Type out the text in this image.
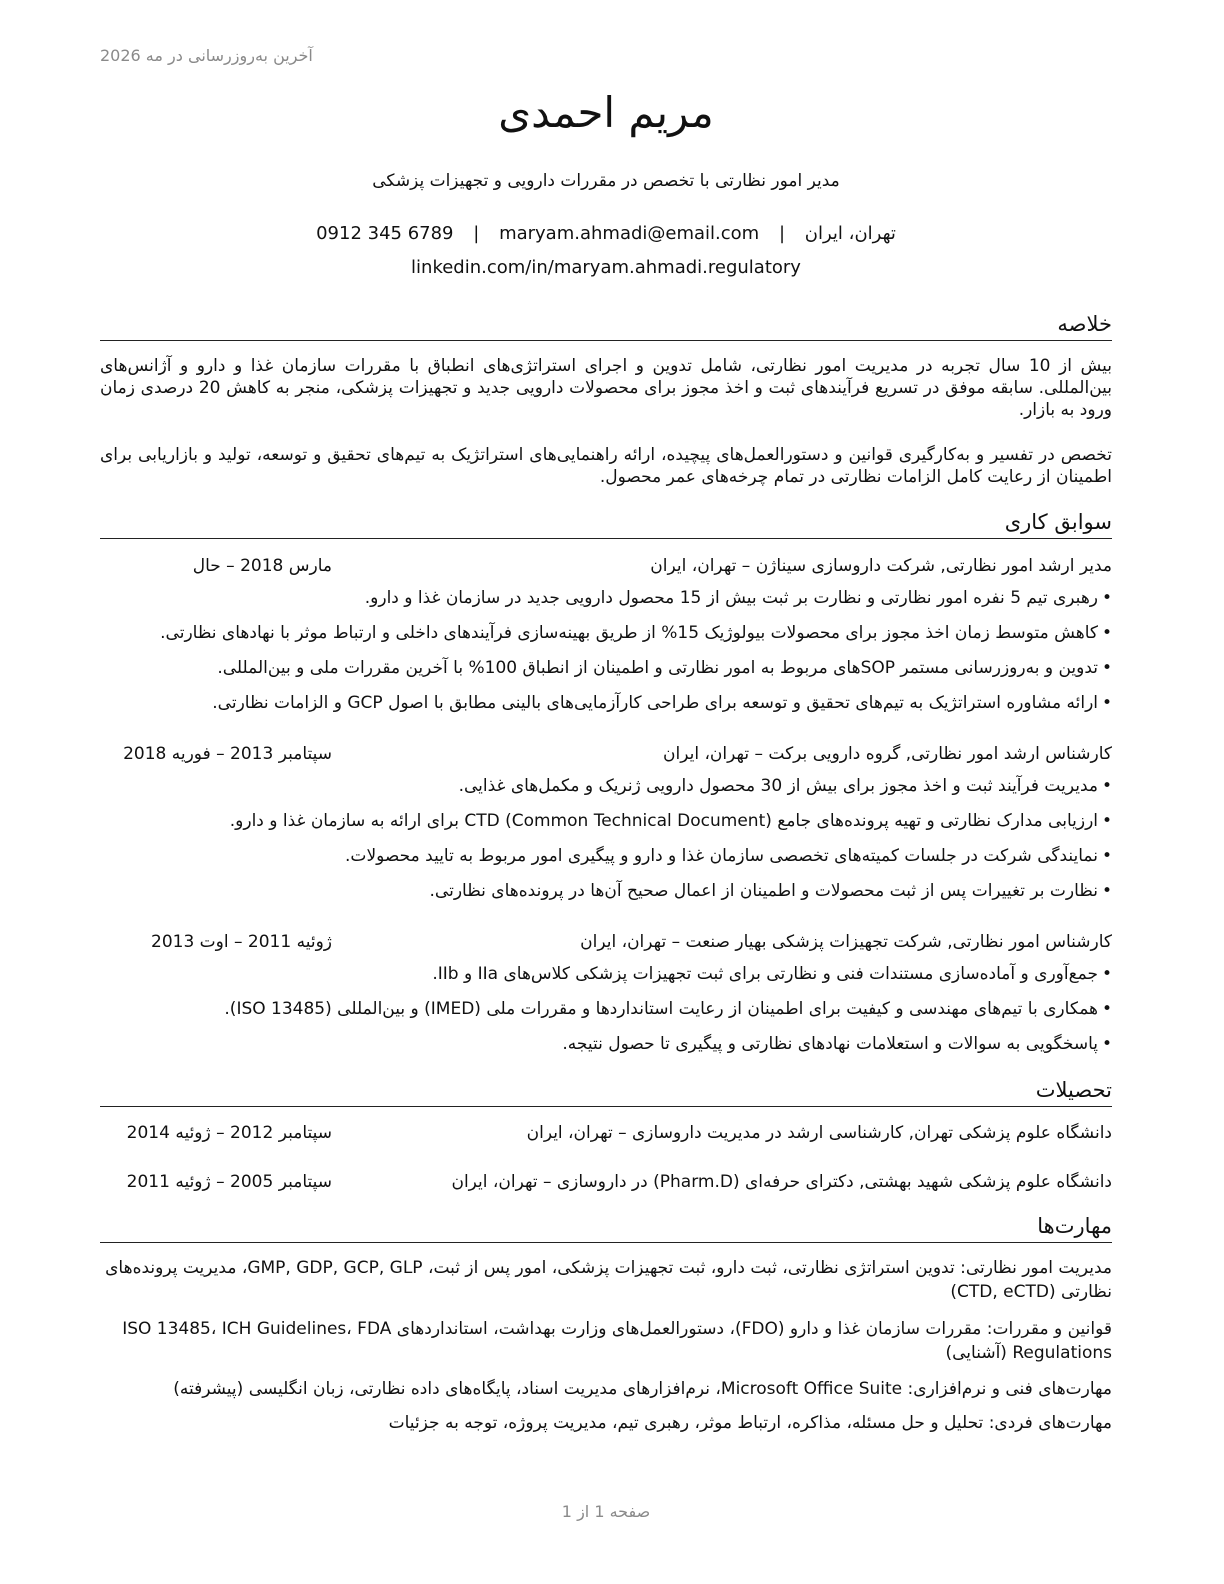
آخرین به‌روزرسانی در مه 2026
مریم احمدی
مدیر امور نظارتی با تخصص در مقررات دارویی و تجهیزات پزشکی
تهران، ایران | maryam.ahmadi@email.com | 0912 345 6789
linkedin.com/in/maryam.ahmadi.regulatory
خلاصه
بیش از 10 سال تجربه در مدیریت امور نظارتی، شامل تدوین و اجرای استراتژی‌های انطباق با مقررات سازمان غذا و دارو و آژانس‌های بین‌المللی. سابقه موفق در تسریع فرآیندهای ثبت و اخذ مجوز برای محصولات دارویی جدید و تجهیزات پزشکی، منجر به کاهش 20 درصدی زمان ورود به بازار.
تخصص در تفسیر و به‌کارگیری قوانین و دستورالعمل‌های پیچیده، ارائه راهنمایی‌های استراتژیک به تیم‌های تحقیق و توسعه، تولید و بازاریابی برای اطمینان از رعایت کامل الزامات نظارتی در تمام چرخه‌های عمر محصول.
سوابق کاری
مدیر ارشد امور نظارتی, شرکت داروسازی سیناژن – تهران، ایران
مارس 2018 – حال
•رهبری تیم 5 نفره امور نظارتی و نظارت بر ثبت بیش از 15 محصول دارویی جدید در سازمان غذا و دارو.
•کاهش متوسط زمان اخذ مجوز برای محصولات بیولوژیک 15% از طریق بهینه‌سازی فرآیندهای داخلی و ارتباط موثر با نهادهای نظارتی.
•تدوین و به‌روزرسانی مستمر SOPهای مربوط به امور نظارتی و اطمینان از انطباق 100% با آخرین مقررات ملی و بین‌المللی.
•ارائه مشاوره استراتژیک به تیم‌های تحقیق و توسعه برای طراحی کارآزمایی‌های بالینی مطابق با اصول GCP و الزامات نظارتی.
کارشناس ارشد امور نظارتی, گروه دارویی برکت – تهران، ایران
سپتامبر 2013 – فوریه 2018
•مدیریت فرآیند ثبت و اخذ مجوز برای بیش از 30 محصول دارویی ژنریک و مکمل‌های غذایی.
•ارزیابی مدارک نظارتی و تهیه پرونده‌های جامع CTD (Common Technical Document) برای ارائه به سازمان غذا و دارو.
•نمایندگی شرکت در جلسات کمیته‌های تخصصی سازمان غذا و دارو و پیگیری امور مربوط به تایید محصولات.
•نظارت بر تغییرات پس از ثبت محصولات و اطمینان از اعمال صحیح آن‌ها در پرونده‌های نظارتی.
کارشناس امور نظارتی, شرکت تجهیزات پزشکی بهیار صنعت – تهران، ایران
ژوئیه 2011 – اوت 2013
•جمع‌آوری و آماده‌سازی مستندات فنی و نظارتی برای ثبت تجهیزات پزشکی کلاس‌های IIa و IIb.
•همکاری با تیم‌های مهندسی و کیفیت برای اطمینان از رعایت استانداردها و مقررات ملی (IMED) و بین‌المللی (ISO 13485).
•پاسخگویی به سوالات و استعلامات نهادهای نظارتی و پیگیری تا حصول نتیجه.
تحصیلات
دانشگاه علوم پزشکی تهران, کارشناسی ارشد در مدیریت داروسازی – تهران، ایران
سپتامبر 2012 – ژوئیه 2014
دانشگاه علوم پزشکی شهید بهشتی, دکترای حرفه‌ای (Pharm.D) در داروسازی – تهران، ایران
سپتامبر 2005 – ژوئیه 2011
مهارت‌ها
مدیریت امور نظارتی: تدوین استراتژی نظارتی، ثبت دارو، ثبت تجهیزات پزشکی، امور پس از ثبت، GMP, GDP, GCP, GLP، مدیریت پرونده‌های نظارتی (CTD, eCTD)
قوانین و مقررات: مقررات سازمان غذا و دارو (FDO)، دستورالعمل‌های وزارت بهداشت، استانداردهای ISO 13485، ICH Guidelines، FDA Regulations (آشنایی)
مهارت‌های فنی و نرم‌افزاری: Microsoft Office Suite، نرم‌افزارهای مدیریت اسناد، پایگاه‌های داده نظارتی، زبان انگلیسی (پیشرفته)
مهارت‌های فردی: تحلیل و حل مسئله، مذاکره، ارتباط موثر، رهبری تیم، مدیریت پروژه، توجه به جزئیات
صفحه 1 از 1
